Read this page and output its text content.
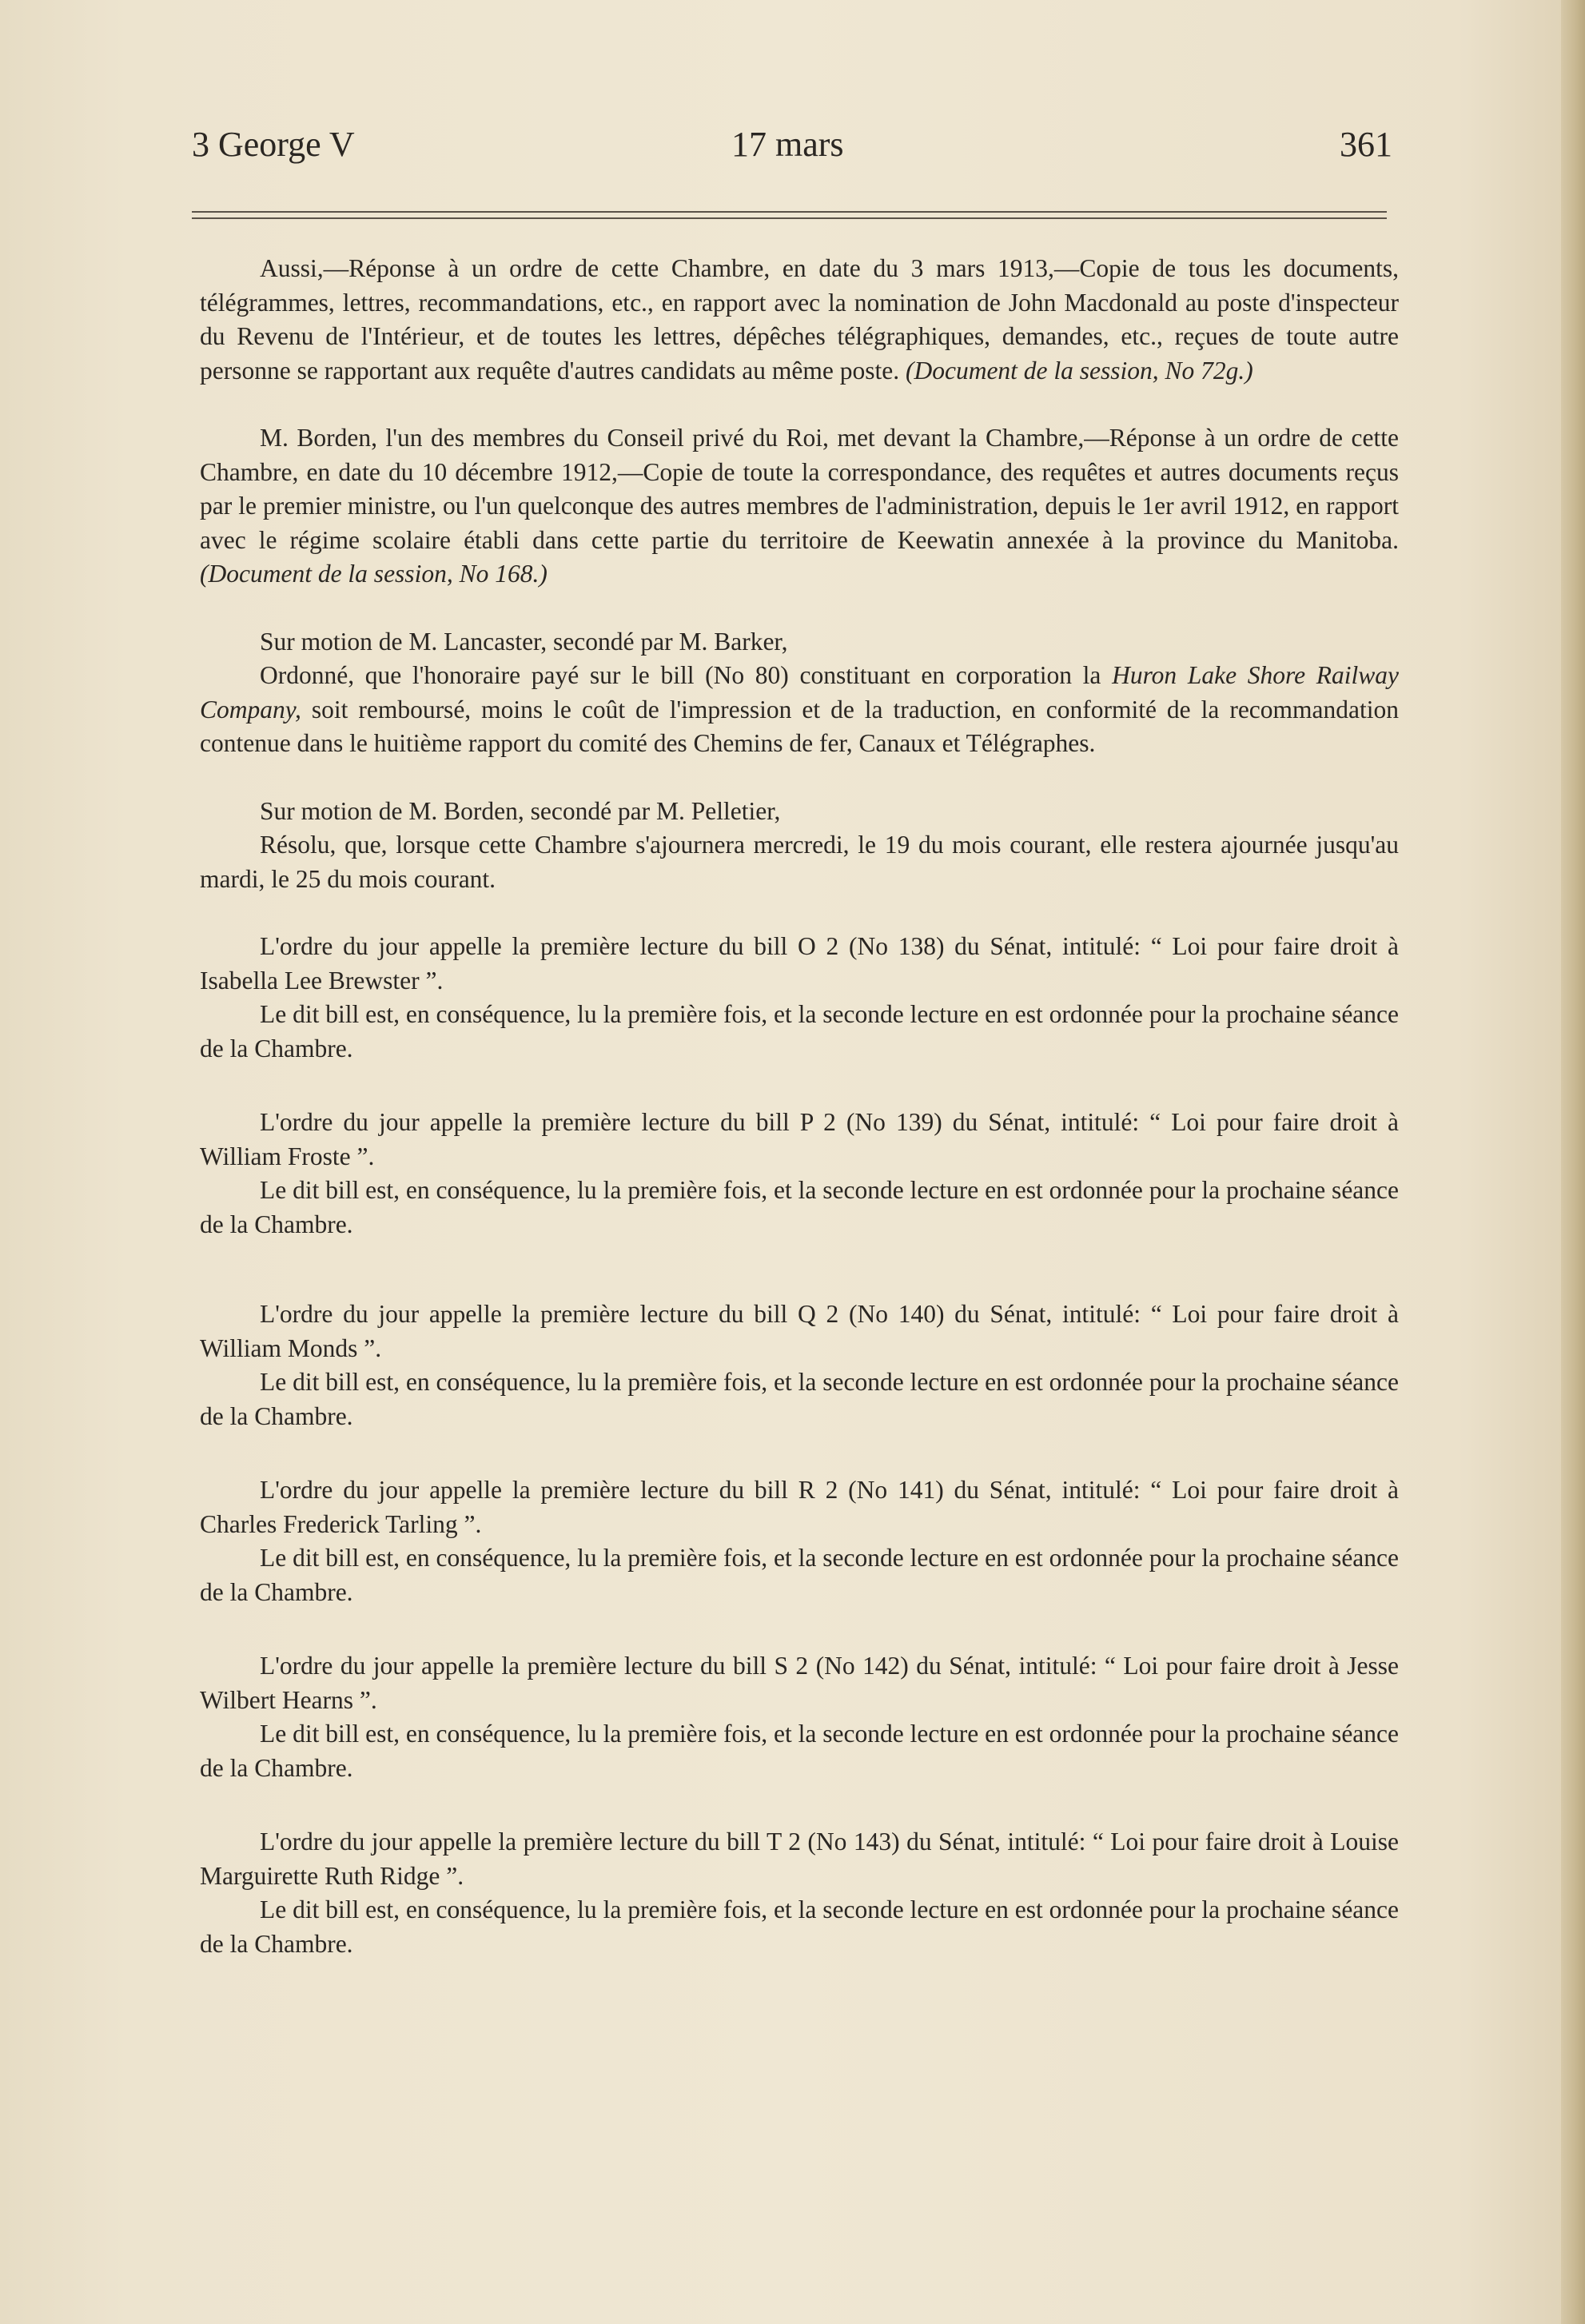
3 George V	17 mars	361

Aussi,—Réponse à un ordre de cette Chambre, en date du 3 mars 1913,—Copie de tous les documents, télégrammes, lettres, recommandations, etc., en rapport avec la nomination de John Macdonald au poste d'inspecteur du Revenu de l'Intérieur, et de toutes les lettres, dépêches télégraphiques, demandes, etc., reçues de toute autre personne se rapportant aux requête d'autres candidats au même poste. (Document de la session, No 72g.)

M. Borden, l'un des membres du Conseil privé du Roi, met devant la Chambre,—Réponse à un ordre de cette Chambre, en date du 10 décembre 1912,—Copie de toute la correspondance, des requêtes et autres documents reçus par le premier ministre, ou l'un quelconque des autres membres de l'administration, depuis le 1er avril 1912, en rapport avec le régime scolaire établi dans cette partie du territoire de Keewatin annexée à la province du Manitoba. (Document de la session, No 168.)

Sur motion de M. Lancaster, secondé par M. Barker,

Ordonné, que l'honoraire payé sur le bill (No 80) constituant en corporation la Huron Lake Shore Railway Company, soit remboursé, moins le coût de l'impression et de la traduction, en conformité de la recommandation contenue dans le huitième rapport du comité des Chemins de fer, Canaux et Télégraphes.

Sur motion de M. Borden, secondé par M. Pelletier,

Résolu, que, lorsque cette Chambre s'ajournera mercredi, le 19 du mois courant, elle restera ajournée jusqu'au mardi, le 25 du mois courant.

L'ordre du jour appelle la première lecture du bill O 2 (No 138) du Sénat, intitulé: “ Loi pour faire droit à Isabella Lee Brewster ”.

Le dit bill est, en conséquence, lu la première fois, et la seconde lecture en est ordonnée pour la prochaine séance de la Chambre.

L'ordre du jour appelle la première lecture du bill P 2 (No 139) du Sénat, intitulé: “ Loi pour faire droit à William Froste ”.

Le dit bill est, en conséquence, lu la première fois, et la seconde lecture en est ordonnée pour la prochaine séance de la Chambre.

L'ordre du jour appelle la première lecture du bill Q 2 (No 140) du Sénat, intitulé: “ Loi pour faire droit à William Monds ”.

Le dit bill est, en conséquence, lu la première fois, et la seconde lecture en est ordonnée pour la prochaine séance de la Chambre.

L'ordre du jour appelle la première lecture du bill R 2 (No 141) du Sénat, intitulé: “ Loi pour faire droit à Charles Frederick Tarling ”.

Le dit bill est, en conséquence, lu la première fois, et la seconde lecture en est ordonnée pour la prochaine séance de la Chambre.

L'ordre du jour appelle la première lecture du bill S 2 (No 142) du Sénat, intitulé: “ Loi pour faire droit à Jesse Wilbert Hearns ”.

Le dit bill est, en conséquence, lu la première fois, et la seconde lecture en est ordonnée pour la prochaine séance de la Chambre.

L'ordre du jour appelle la première lecture du bill T 2 (No 143) du Sénat, intitulé: “ Loi pour faire droit à Louise Marguirette Ruth Ridge ”.

Le dit bill est, en conséquence, lu la première fois, et la seconde lecture en est ordonnée pour la prochaine séance de la Chambre.
